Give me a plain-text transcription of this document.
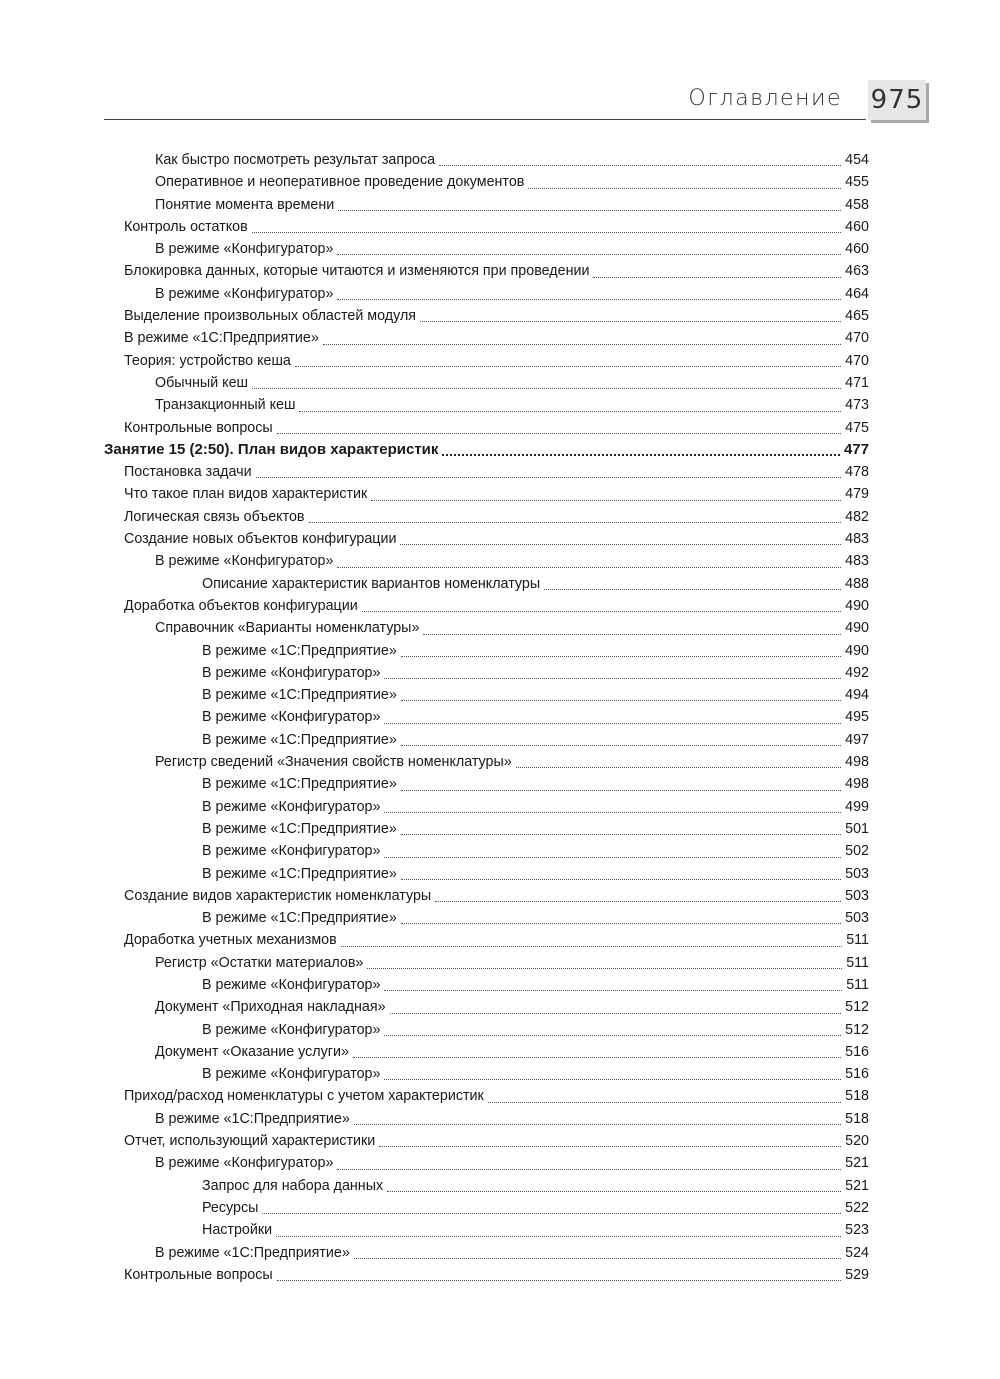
Оглавление 975
Как быстро посмотреть результат запроса	454
Оперативное и неоперативное проведение документов	455
Понятие момента времени	458
Контроль остатков	460
В режиме «Конфигуратор»	460
Блокировка данных, которые читаются и изменяются при проведении	463
В режиме «Конфигуратор»	464
Выделение произвольных областей модуля	465
В режиме «1С:Предприятие»	470
Теория: устройство кеша	470
Обычный кеш	471
Транзакционный кеш	473
Контрольные вопросы	475
Занятие 15 (2:50). План видов характеристик	477
Постановка задачи	478
Что такое план видов характеристик	479
Логическая связь объектов	482
Создание новых объектов конфигурации	483
В режиме «Конфигуратор»	483
Описание характеристик вариантов номенклатуры	488
Доработка объектов конфигурации	490
Справочник «Варианты номенклатуры»	490
В режиме «1С:Предприятие»	490
В режиме «Конфигуратор»	492
В режиме «1С:Предприятие»	494
В режиме «Конфигуратор»	495
В режиме «1С:Предприятие»	497
Регистр сведений «Значения свойств номенклатуры»	498
В режиме «1С:Предприятие»	498
В режиме «Конфигуратор»	499
В режиме «1С:Предприятие»	501
В режиме «Конфигуратор»	502
В режиме «1С:Предприятие»	503
Создание видов характеристик номенклатуры	503
В режиме «1С:Предприятие»	503
Доработка учетных механизмов	511
Регистр «Остатки материалов»	511
В режиме «Конфигуратор»	511
Документ «Приходная накладная»	512
В режиме «Конфигуратор»	512
Документ «Оказание услуги»	516
В режиме «Конфигуратор»	516
Приход/расход номенклатуры с учетом характеристик	518
В режиме «1С:Предприятие»	518
Отчет, использующий характеристики	520
В режиме «Конфигуратор»	521
Запрос для набора данных	521
Ресурсы	522
Настройки	523
В режиме «1С:Предприятие»	524
Контрольные вопросы	529
